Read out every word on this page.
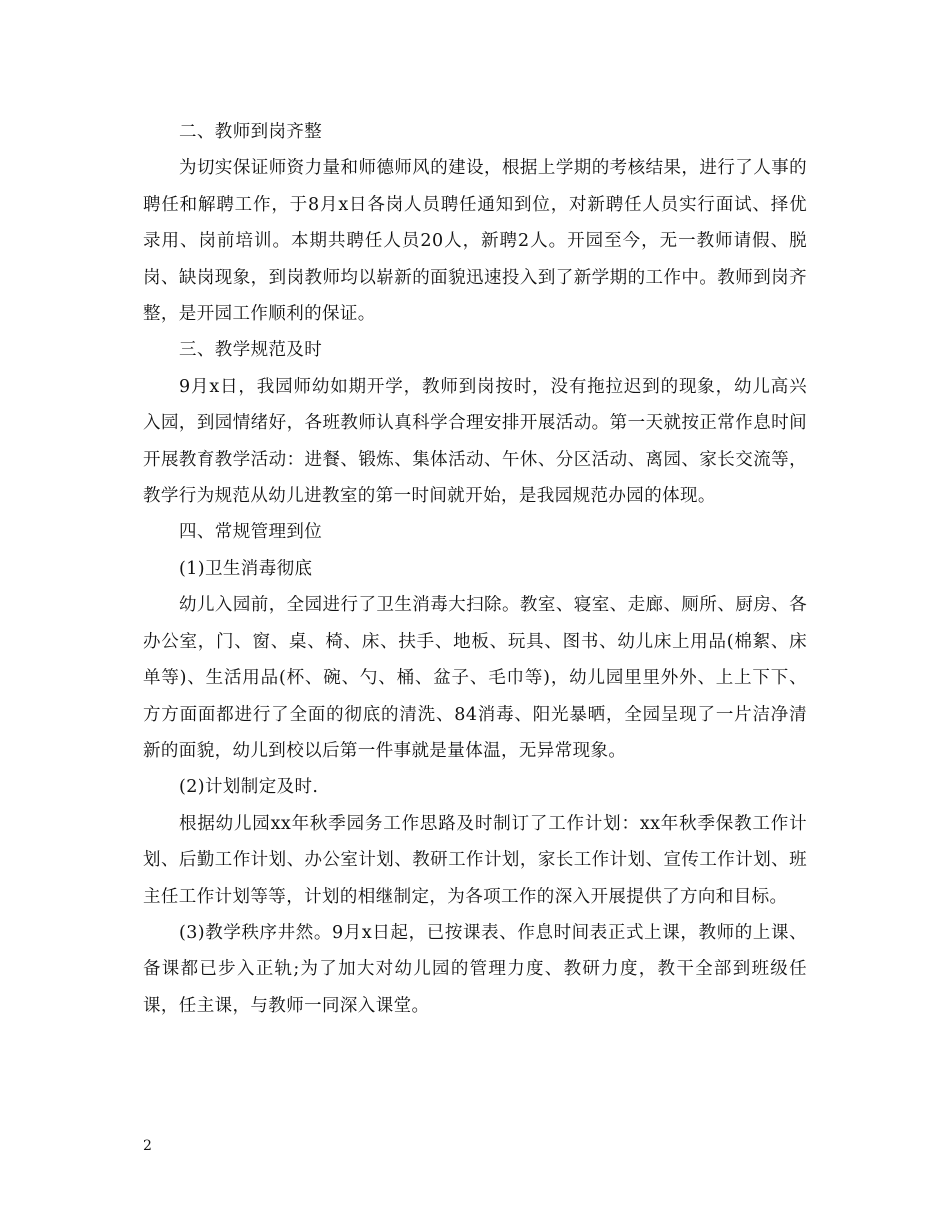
二、教师到岗齐整

为切实保证师资力量和师德师风的建设，根据上学期的考核结果，进行了人事的聘任和解聘工作，于8月x日各岗人员聘任通知到位，对新聘任人员实行面试、择优录用、岗前培训。本期共聘任人员20人，新聘2人。开园至今，无一教师请假、脱岗、缺岗现象，到岗教师均以崭新的面貌迅速投入到了新学期的工作中。教师到岗齐整，是开园工作顺利的保证。

三、教学规范及时

9月x日，我园师幼如期开学，教师到岗按时，没有拖拉迟到的现象，幼儿高兴入园，到园情绪好，各班教师认真科学合理安排开展活动。第一天就按正常作息时间开展教育教学活动：进餐、锻炼、集体活动、午休、分区活动、离园、家长交流等，教学行为规范从幼儿进教室的第一时间就开始，是我园规范办园的体现。

四、常规管理到位

(1)卫生消毒彻底

幼儿入园前，全园进行了卫生消毒大扫除。教室、寝室、走廊、厕所、厨房、各办公室，门、窗、桌、椅、床、扶手、地板、玩具、图书、幼儿床上用品(棉絮、床单等)、生活用品(杯、碗、勺、桶、盆子、毛巾等)，幼儿园里里外外、上上下下、方方面面都进行了全面的彻底的清洗、84消毒、阳光暴晒，全园呈现了一片洁净清新的面貌，幼儿到校以后第一件事就是量体温，无异常现象。

(2)计划制定及时.

根据幼儿园xx年秋季园务工作思路及时制订了工作计划：xx年秋季保教工作计划、后勤工作计划、办公室计划、教研工作计划，家长工作计划、宣传工作计划、班主任工作计划等等，计划的相继制定，为各项工作的深入开展提供了方向和目标。

(3)教学秩序井然。9月x日起，已按课表、作息时间表正式上课，教师的上课、备课都已步入正轨;为了加大对幼儿园的管理力度、教研力度，教干全部到班级任课，任主课，与教师一同深入课堂。

2
